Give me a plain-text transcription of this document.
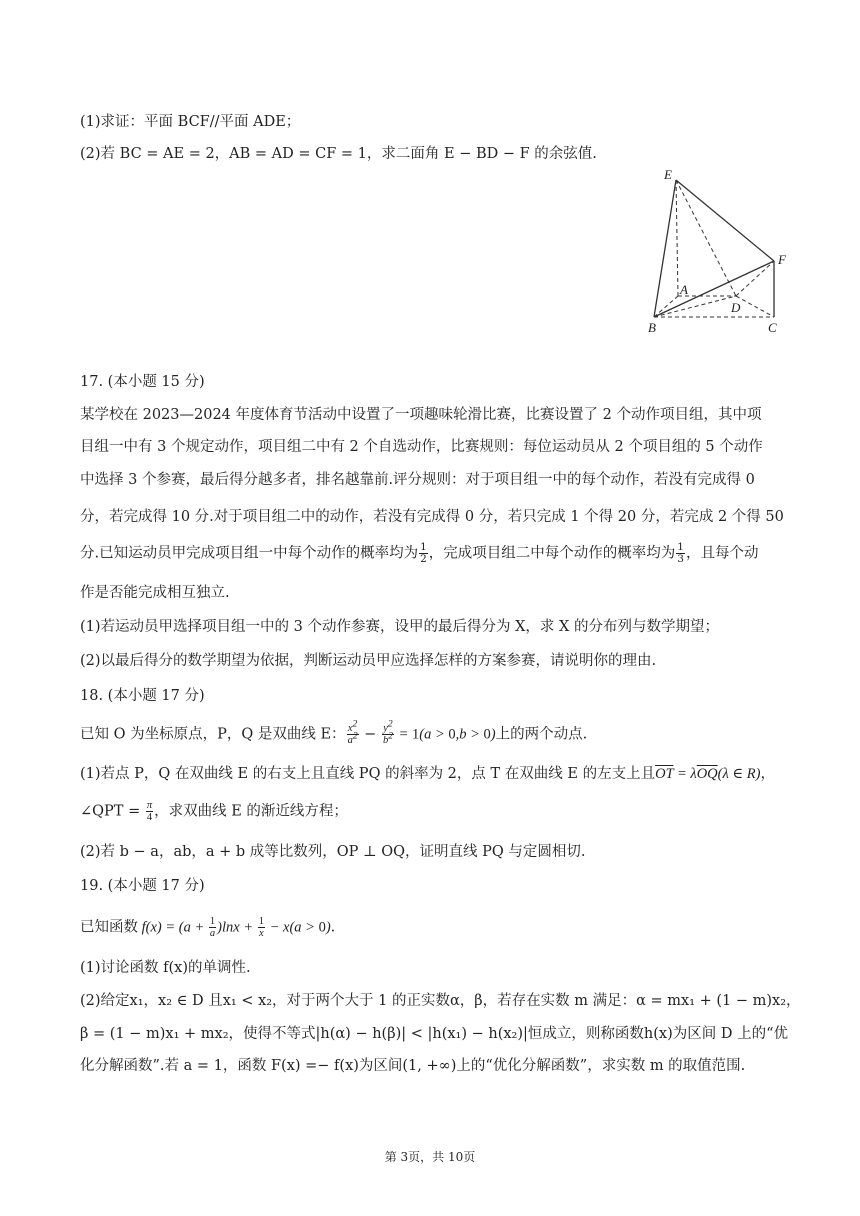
(1)求证：平面 BCF//平面 ADE；
(2)若 BC = AE = 2，AB = AD = CF = 1，求二面角 E − BD − F 的余弦值.
E
A
F
D
B	C
17. (本小题 15 分)
某学校在 2023—2024 年度体育节活动中设置了一项趣味轮滑比赛，比赛设置了 2 个动作项目组，其中项
目组一中有 3 个规定动作，项目组二中有 2 个自选动作，比赛规则：每位运动员从 2 个项目组的 5 个动作
中选择 3 个参赛，最后得分越多者，排名越靠前.评分规则：对于项目组一中的每个动作，若没有完成得 0
分，若完成得 10 分.对于项目组二中的动作，若没有完成得 0 分，若只完成 1 个得 20 分，若完成 2 个得 50
分.已知运动员甲完成项目组一中每个动作的概率均为 $\frac{1}{2}$ ，完成项目组二中每个动作的概率均为 $\frac{1}{3}$ ，且每个动
作是否能完成相互独立.
(1)若运动员甲选择项目组一中的 3 个动作参赛，设甲的最后得分为 X，求 X 的分布列与数学期望；
(2)以最后得分的数学期望为依据，判断运动员甲应选择怎样的方案参赛，请说明你的理由.
18. (本小题 17 分)
已知 O 为坐标原点，P，Q 是双曲线 E： $\frac{x^2}{a^2} - \frac{y^2}{b^2} = 1(a > 0,b > 0)$上的两个动点.
(1)若点 P，Q 在双曲线 E 的右支上且直线 PQ 的斜率为 2，点 T 在双曲线 E 的左支上且$\overline{OT} = \lambda\overline{OQ}(\lambda$ ∈ R)，
∠QPT = $\frac{\pi}{4}$ ，求双曲线 E 的渐近线方程；
(2)若 b − a，ab，a + b 成等比数列，OP ⊥ OQ，证明直线 PQ 与定圆相切.
19. (本小题 17 分)
已知函数 $f(x) = (a + \frac{1}{a} )\ln x + \frac{1}{x} - x(a > 0)$.
(1)讨论函数 f(x)的单调性.
(2)给定x₁，x₂ ∈ D 且x₁ < x₂，对于两个大于 1 的正实数α，β，若存在实数 m 满足：α = mx₁ + (1 − m)x₂，
β = (1 − m)x₁ + mx₂，使得不等式|h(α) − h(β)| < |h(x₁) − h(x₂)|恒成立，则称函数h(x)为区间 D 上的“优
化分解函数”.若 a = 1，函数 F(x) =− f(x)为区间(1, +∞)上的“优化分解函数”，求实数 m 的取值范围.
第 3页，共 10页
